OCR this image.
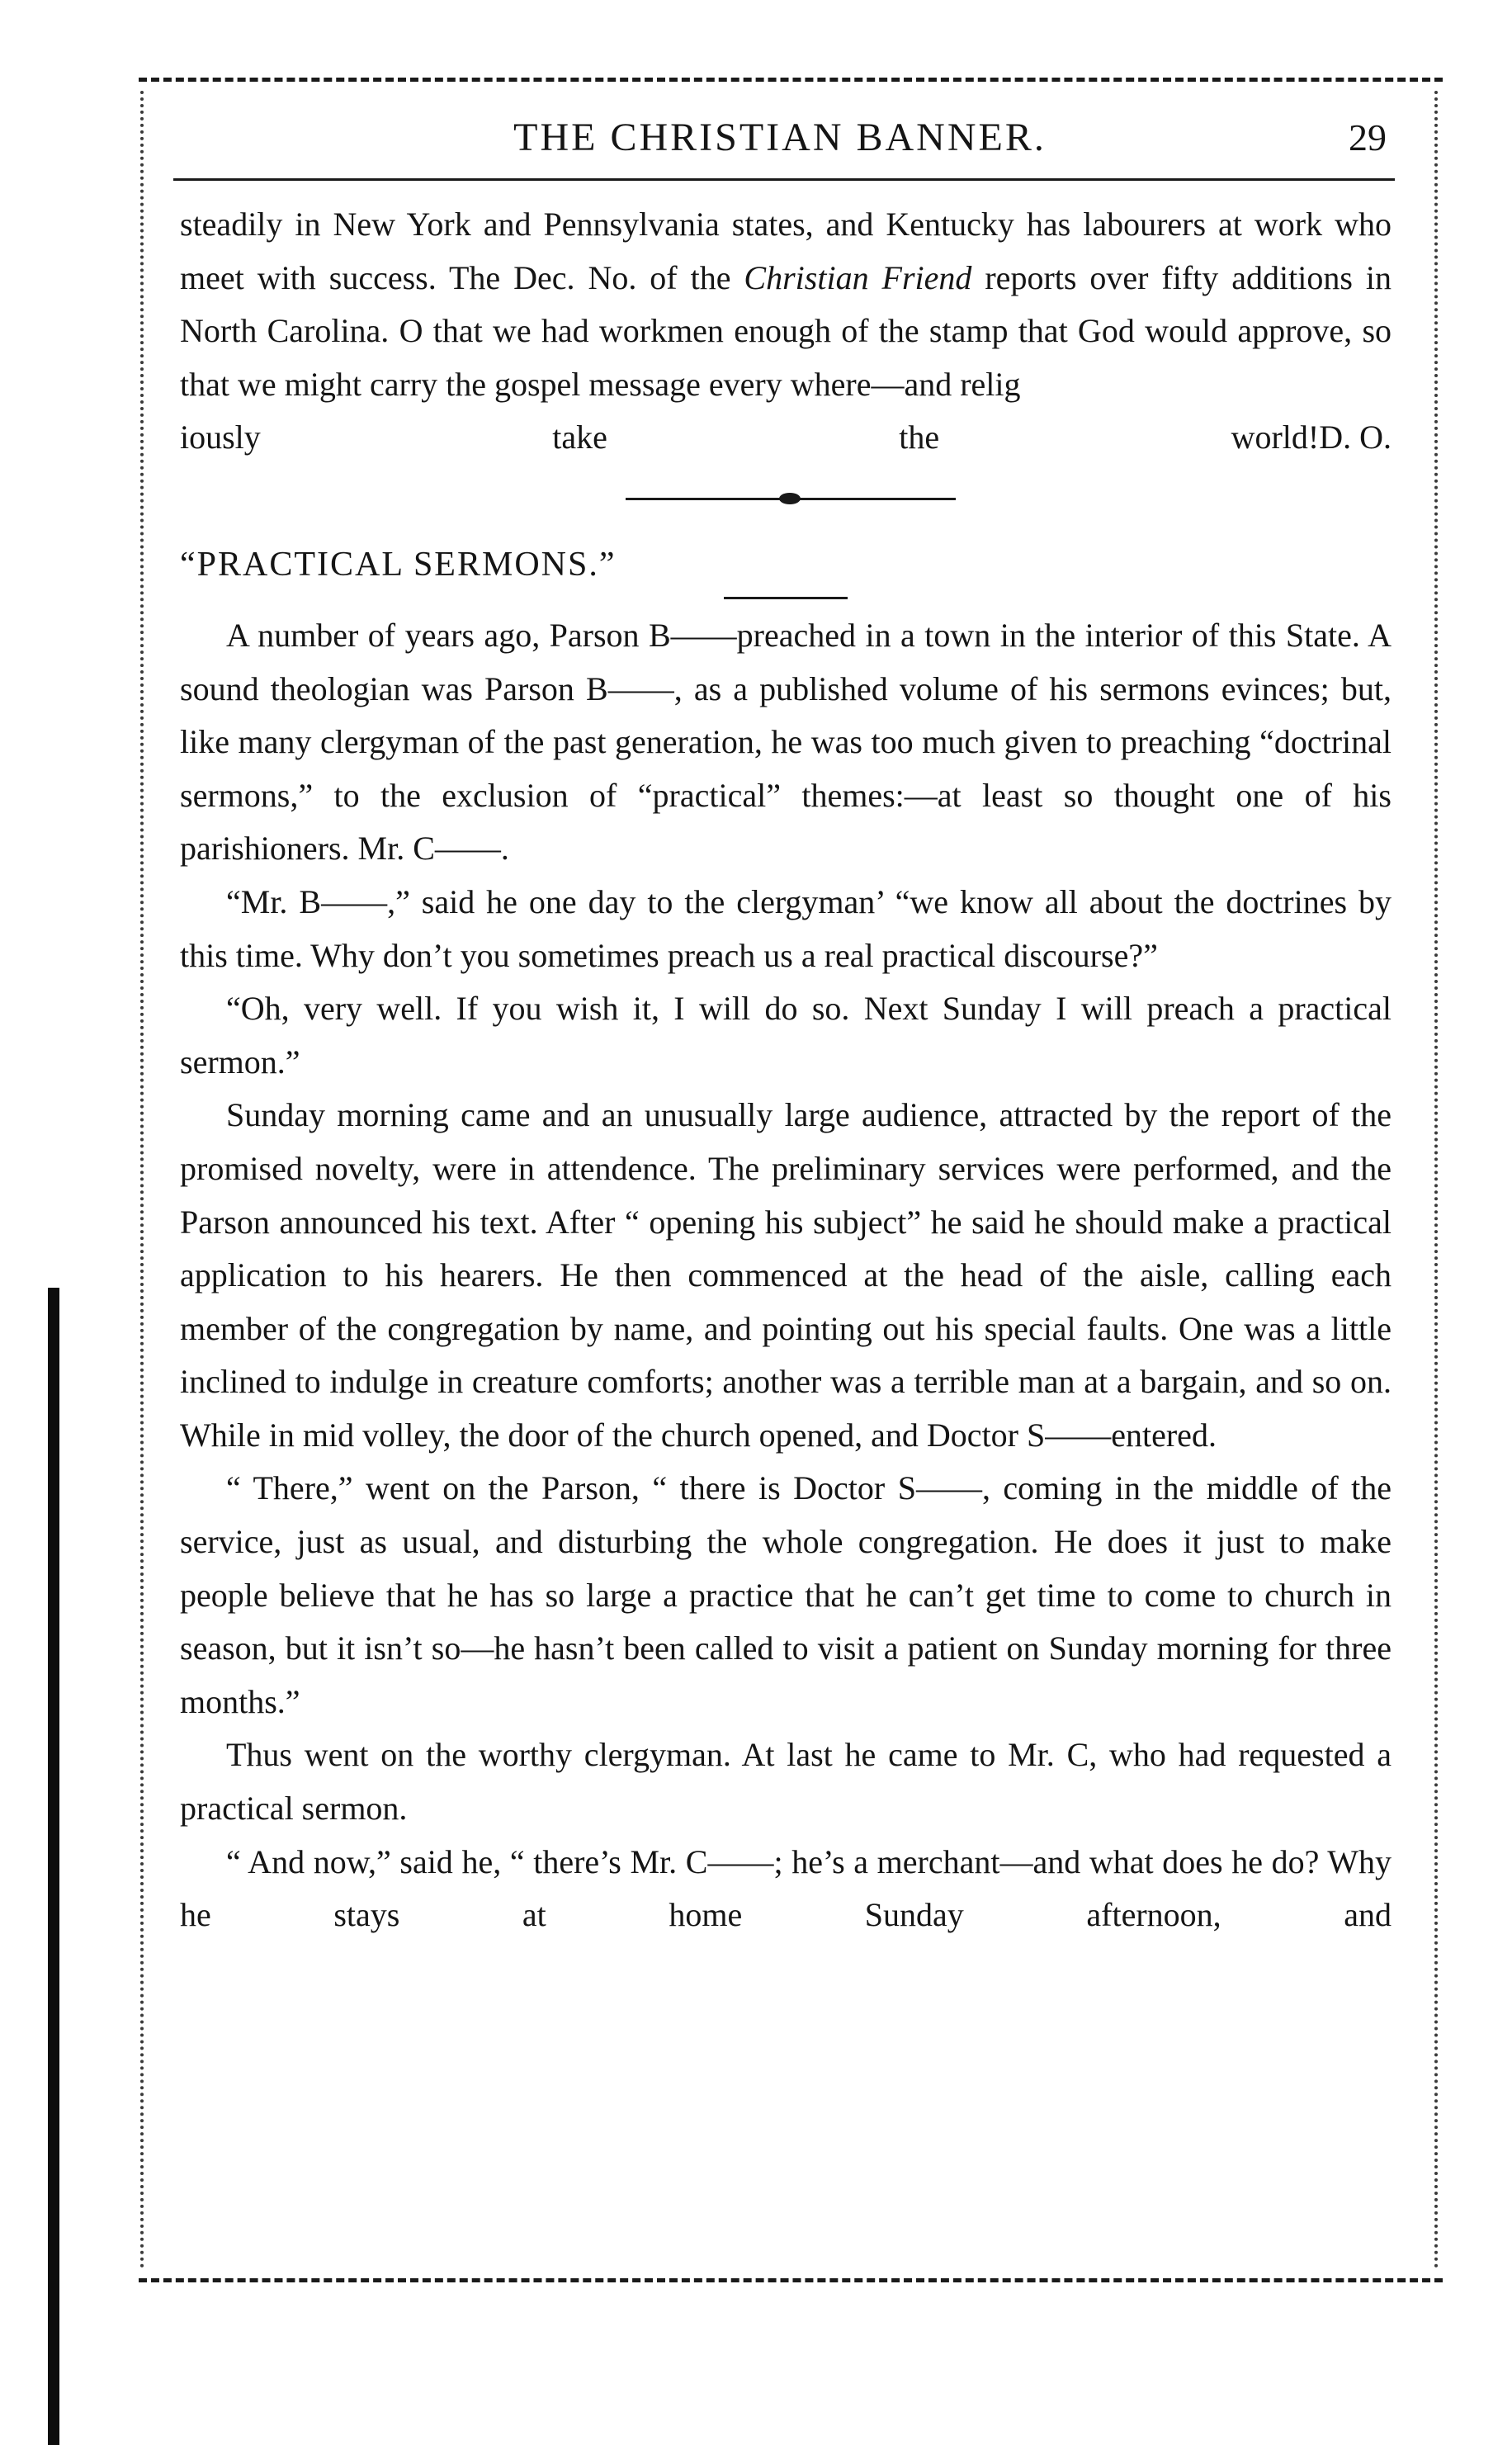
THE CHRISTIAN BANNER.	29

steadily in New York and Pennsylvania states, and Kentucky has labourers at work who meet with success. The Dec. No. of the Christian Friend reports over fifty additions in North Carolina. O that we had workmen enough of the stamp that God would approve, so that we might carry the gospel message every where—and relig

iously take the world! D. O.

“PRACTICAL SERMONS.”

A number of years ago, Parson B——preached in a town in the interior of this State. A sound theologian was Parson B——, as a published volume of his sermons evinces; but, like many clergyman of the past generation, he was too much given to preaching “doctrinal sermons,” to the exclusion of “practical” themes:—at least so thought one of his parishioners. Mr. C——.

“Mr. B——,” said he one day to the clergyman’ “we know all about the doctrines by this time. Why don’t you sometimes preach us a real practical discourse?”

“Oh, very well. If you wish it, I will do so. Next Sunday I will preach a practical sermon.”

Sunday morning came and an unusually large audience, attracted by the report of the promised novelty, were in attendence. The preliminary services were performed, and the Parson announced his text. After “ opening his subject” he said he should make a practical application to his hearers. He then commenced at the head of the aisle, calling each member of the congregation by name, and pointing out his special faults. One was a little inclined to indulge in creature comforts; another was a terrible man at a bargain, and so on. While in mid volley, the door of the church opened, and Doctor S——entered.

“ There,” went on the Parson, “ there is Doctor S——, coming in the middle of the service, just as usual, and disturbing the whole congregation. He does it just to make people believe that he has so large a practice that he can’t get time to come to church in season, but it isn’t so—he hasn’t been called to visit a patient on Sunday morning for three months.”

Thus went on the worthy clergyman. At last he came to Mr. C, who had requested a practical sermon.

“ And now,” said he, “ there’s Mr. C——; he’s a merchant—and what does he do? Why he stays at home Sunday afternoon, and
